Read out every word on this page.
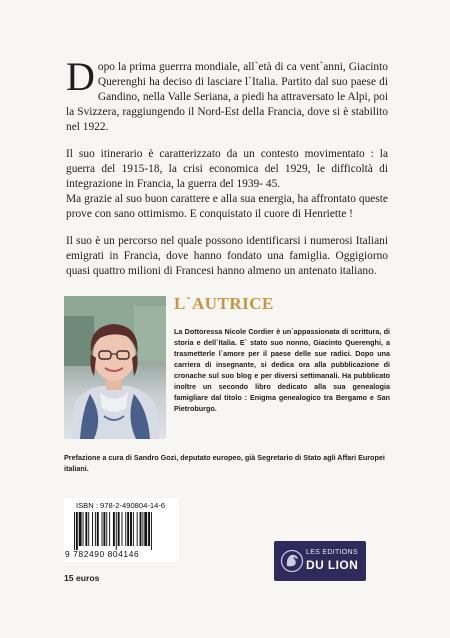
Dopo la prima guerrra mondiale, all`età di ca vent`anni, Giacinto Querenghi ha deciso di lasciare l`Italia. Partito dal suo paese di Gandino, nella Valle Seriana, a piedi ha attraversato le Alpi, poi la Svizzera, raggiungendo il Nord-Est della Francia, dove si è stabilito nel 1922.

Il suo itinerario è caratterizzato da un contesto movimentato : la guerra del 1915-18, la crisi economica del 1929, le difficoltà di integrazione in Francia, la guerra del 1939- 45.

Ma grazie al suo buon carattere e alla sua energia, ha affrontato queste prove con sano ottimismo. E conquistato il cuore di Henriette !

Il suo è un percorso nel quale possono identificarsi i numerosi Italiani emigrati in Francia, dove hanno fondato una famiglia. Oggigiorno quasi quattro milioni di Francesi hanno almeno un antenato italiano.

L`AUTRICE
La Dottoressa Nicole Cordier è un`appassionata di scrittura, di storia e dell`Italia. E` stato suo nonno, Giacinto Querenghi, a trasmetterle l`amore per il paese delle sue radici. Dopo una carriera di insegnante, si dedica ora alla pubblicazione di cronache sul suo blog e per diversi settimanali. Ha pubblicato inoltre un secondo libro dedicato alla sua genealogia famigliare dal titolo : Enigma genealogico tra Bergamo e San Pietroburgo.
Prefazione a cura di Sandro Gozi, deputato europeo, già Segretario di Stato agli Affari Europei italiani.
ISBN : 978-2-490804-14-6
9 782490 804146
15 euros
LES EDITIONS
DU LION
